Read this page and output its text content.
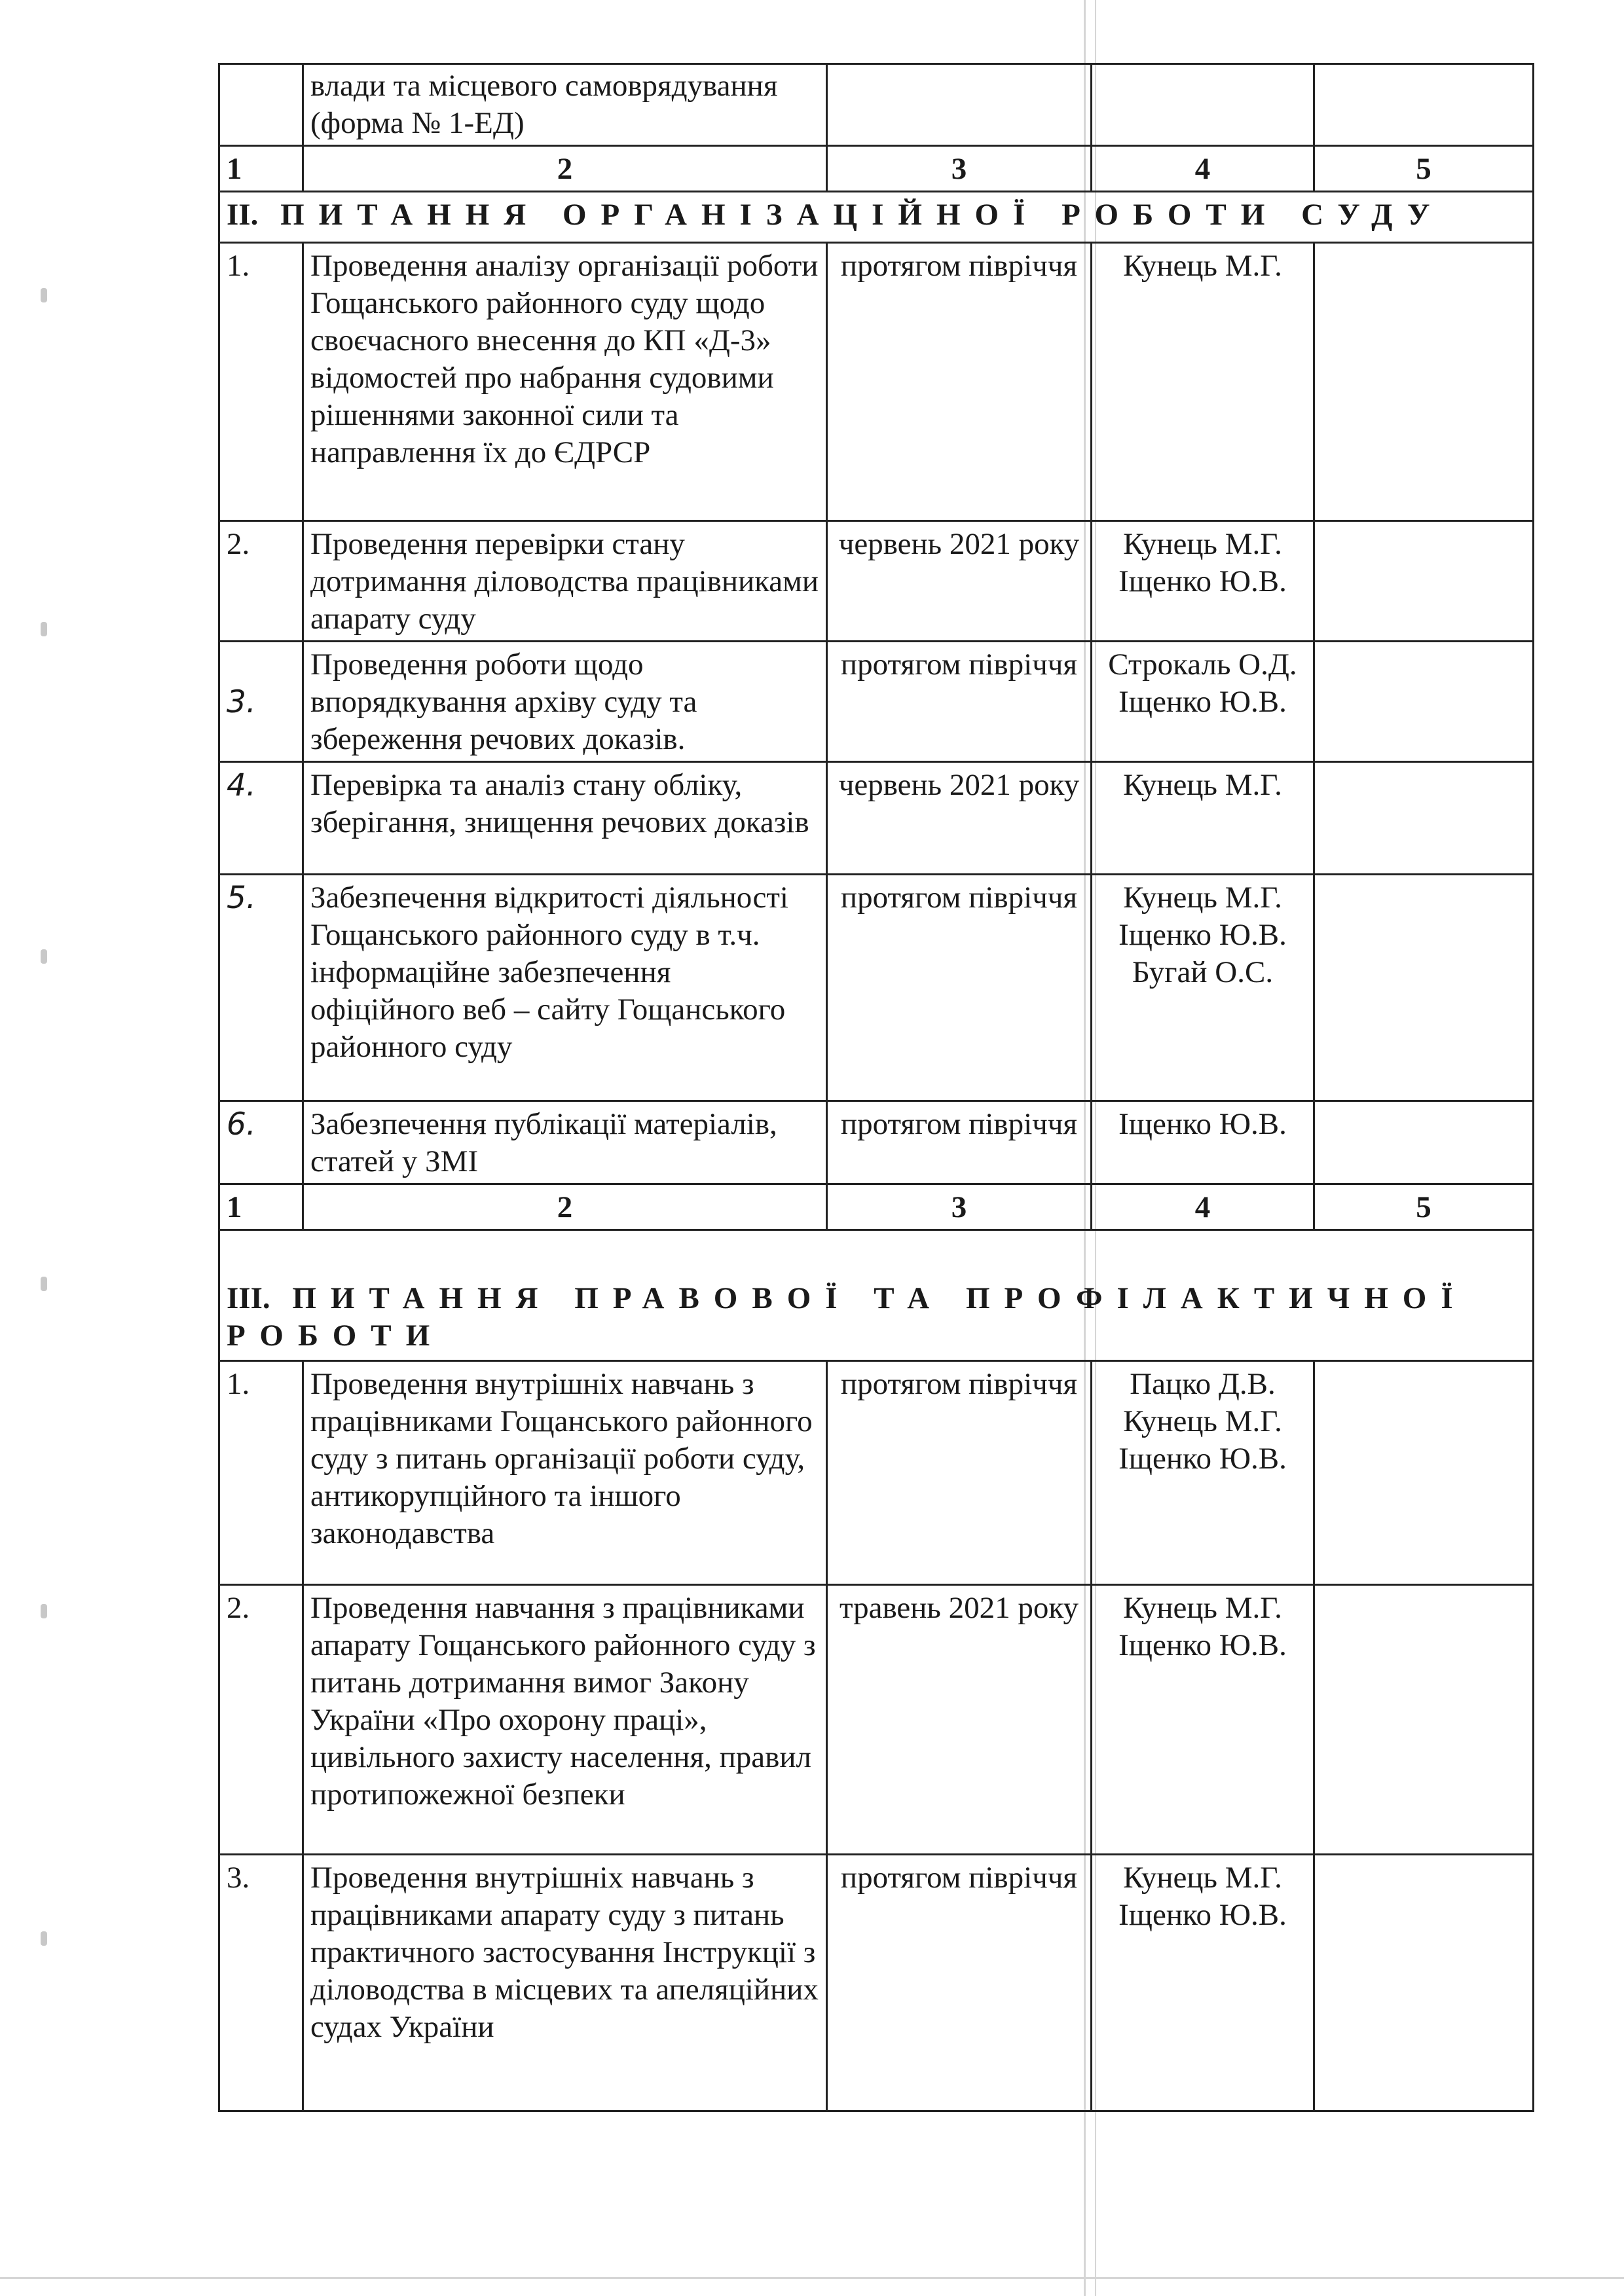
	влади та місцевого самоврядування (форма № 1-ЕД)			
1	2	3	4	5
II. ПИТАННЯ ОРГАНІЗАЦІЙНОЇ РОБОТИ СУДУ				
1.	Проведення аналізу організації роботи Гощанського районного суду щодо своєчасного внесення до КП «Д-3» відомостей про набрання судовими рішеннями законної сили та направлення їх до ЄДРСР	протягом півріччя	Кунець М.Г.	

2.	Проведення перевірки стану дотримання діловодства працівниками апарату суду	червень 2021 року	Кунець М.Г.
Іщенко Ю.В.	

3.	Проведення роботи щодо впорядкування архіву суду та збереження речових доказів.	протягом півріччя	Строкаль О.Д.
Іщенко Ю.В.	

4.	Перевірка та аналіз стану обліку, зберігання, знищення речових доказів	червень 2021 року	Кунець М.Г.	

5.	Забезпечення відкритості діяльності Гощанського районного суду в т.ч. інформаційне забезпечення офіційного веб – сайту Гощанського районного суду	протягом півріччя	Кунець М.Г.
Іщенко Ю.В.
Бугай О.С.	

6.	Забезпечення публікації матеріалів, статей у ЗМІ	протягом півріччя	Іщенко Ю.В.	

1	2	3	4	5

III. ПИТАННЯ ПРАВОВОЇ ТА ПРОФІЛАКТИЧНОЇ
РОБОТИ				

1.	Проведення внутрішніх навчань з працівниками Гощанського районного суду з питань організації роботи суду, антикорупційного та іншого законодавства	протягом півріччя	Пацко Д.В.
Кунець М.Г.
Іщенко Ю.В.	

2.	Проведення навчання з працівниками апарату Гощанського районного суду з питань дотримання вимог Закону України «Про охорону праці», цивільного захисту населення, правил протипожежної безпеки	травень 2021 року	Кунець М.Г.
Іщенко Ю.В.	

3.	Проведення внутрішніх навчань з працівниками апарату суду з питань практичного застосування Інструкції з діловодства в місцевих та апеляційних судах України	протягом півріччя	Кунець М.Г.
Іщенко Ю.В.	
